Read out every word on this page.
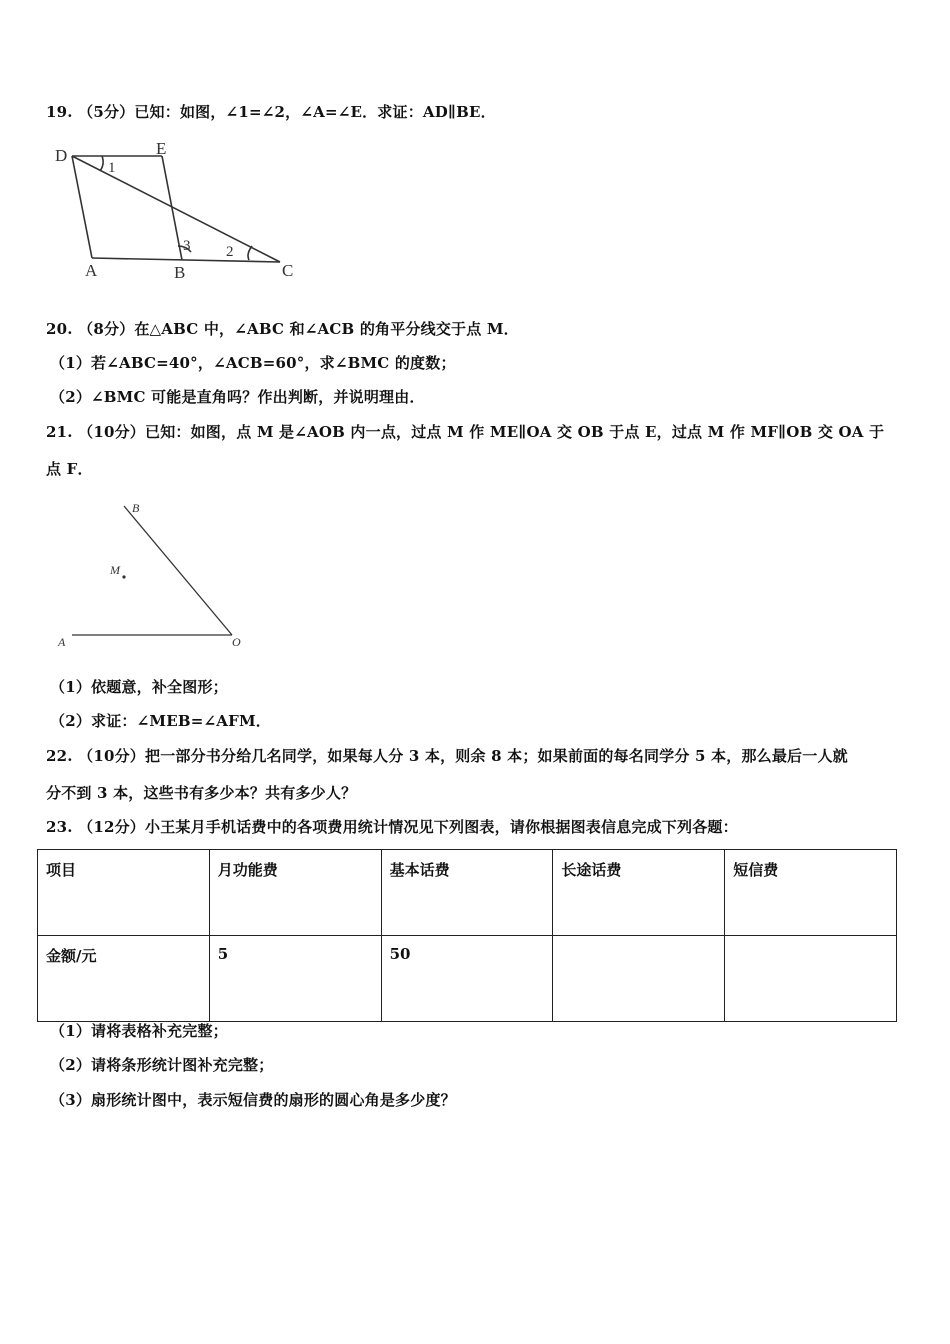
19. （5分）已知：如图，∠1=∠2，∠A=∠E．求证：AD∥BE．
D	E
A	B	C
1
2
3
20. （8分）在△ABC 中，∠ABC 和∠ACB 的角平分线交于点 M．
（1）若∠ABC=40°，∠ACB=60°，求∠BMC 的度数；
（2）∠BMC 可能是直角吗？作出判断，并说明理由．
21. （10分）已知：如图，点 M 是∠AOB 内一点，过点 M 作 ME∥OA 交 OB 于点 E，过点 M 作 MF∥OB 交 OA 于
点 F．
B
M
A	O
（1）依题意，补全图形；
（2）求证：∠MEB=∠AFM．
22. （10分）把一部分书分给几名同学，如果每人分 3 本，则余 8 本；如果前面的每名同学分 5 本，那么最后一人就
分不到 3 本，这些书有多少本？共有多少人？
23. （12分）小王某月手机话费中的各项费用统计情况见下列图表，请你根据图表信息完成下列各题：
项目	月功能费	基本话费	长途话费	短信费
金额/元	5	50		
（1）请将表格补充完整；
（2）请将条形统计图补充完整；
（3）扇形统计图中，表示短信费的扇形的圆心角是多少度？
